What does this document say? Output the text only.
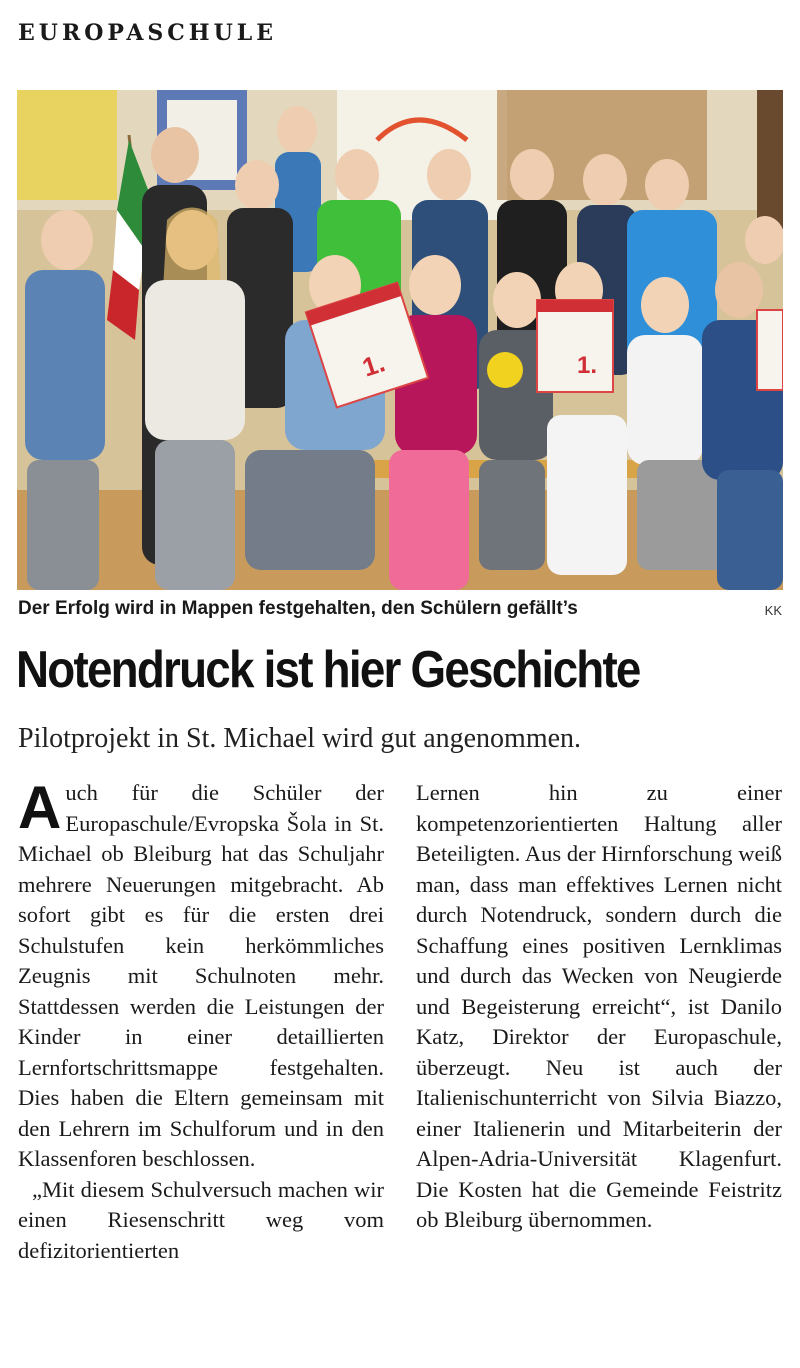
EUROPASCHULE
1.	1.
Der Erfolg wird in Mappen festgehalten, den Schülern gefällt’s	KK
Notendruck ist hier Geschichte
Pilotprojekt in St. Michael wird gut angenommen.

Auch für die Schüler der Europaschule/Evropska Šola in St. Michael ob Bleiburg hat das Schuljahr mehrere Neuerungen mitgebracht. Ab sofort gibt es für die ersten drei Schulstufen kein herkömmliches Zeugnis mit Schulnoten mehr. Stattdessen werden die Leistungen der Kinder in einer detaillierten Lernfortschrittsmappe festgehalten. Dies haben die Eltern gemeinsam mit den Lehrern im Schulforum und in den Klassenforen beschlossen.

„Mit diesem Schulversuch machen wir einen Riesenschritt weg vom defizitorientierten

Lernen hin zu einer kompetenzorientierten Haltung aller Beteiligten. Aus der Hirnforschung weiß man, dass man effektives Lernen nicht durch Notendruck, sondern durch die Schaffung eines positiven Lernklimas und durch das Wecken von Neugierde und Begeisterung erreicht“, ist Danilo Katz, Direktor der Europaschule, überzeugt. Neu ist auch der Italienischunterricht von Silvia Biazzo, einer Italienerin und Mitarbeiterin der Alpen-Adria-Universität Klagenfurt. Die Kosten hat die Gemeinde Feistritz ob Bleiburg übernommen.
